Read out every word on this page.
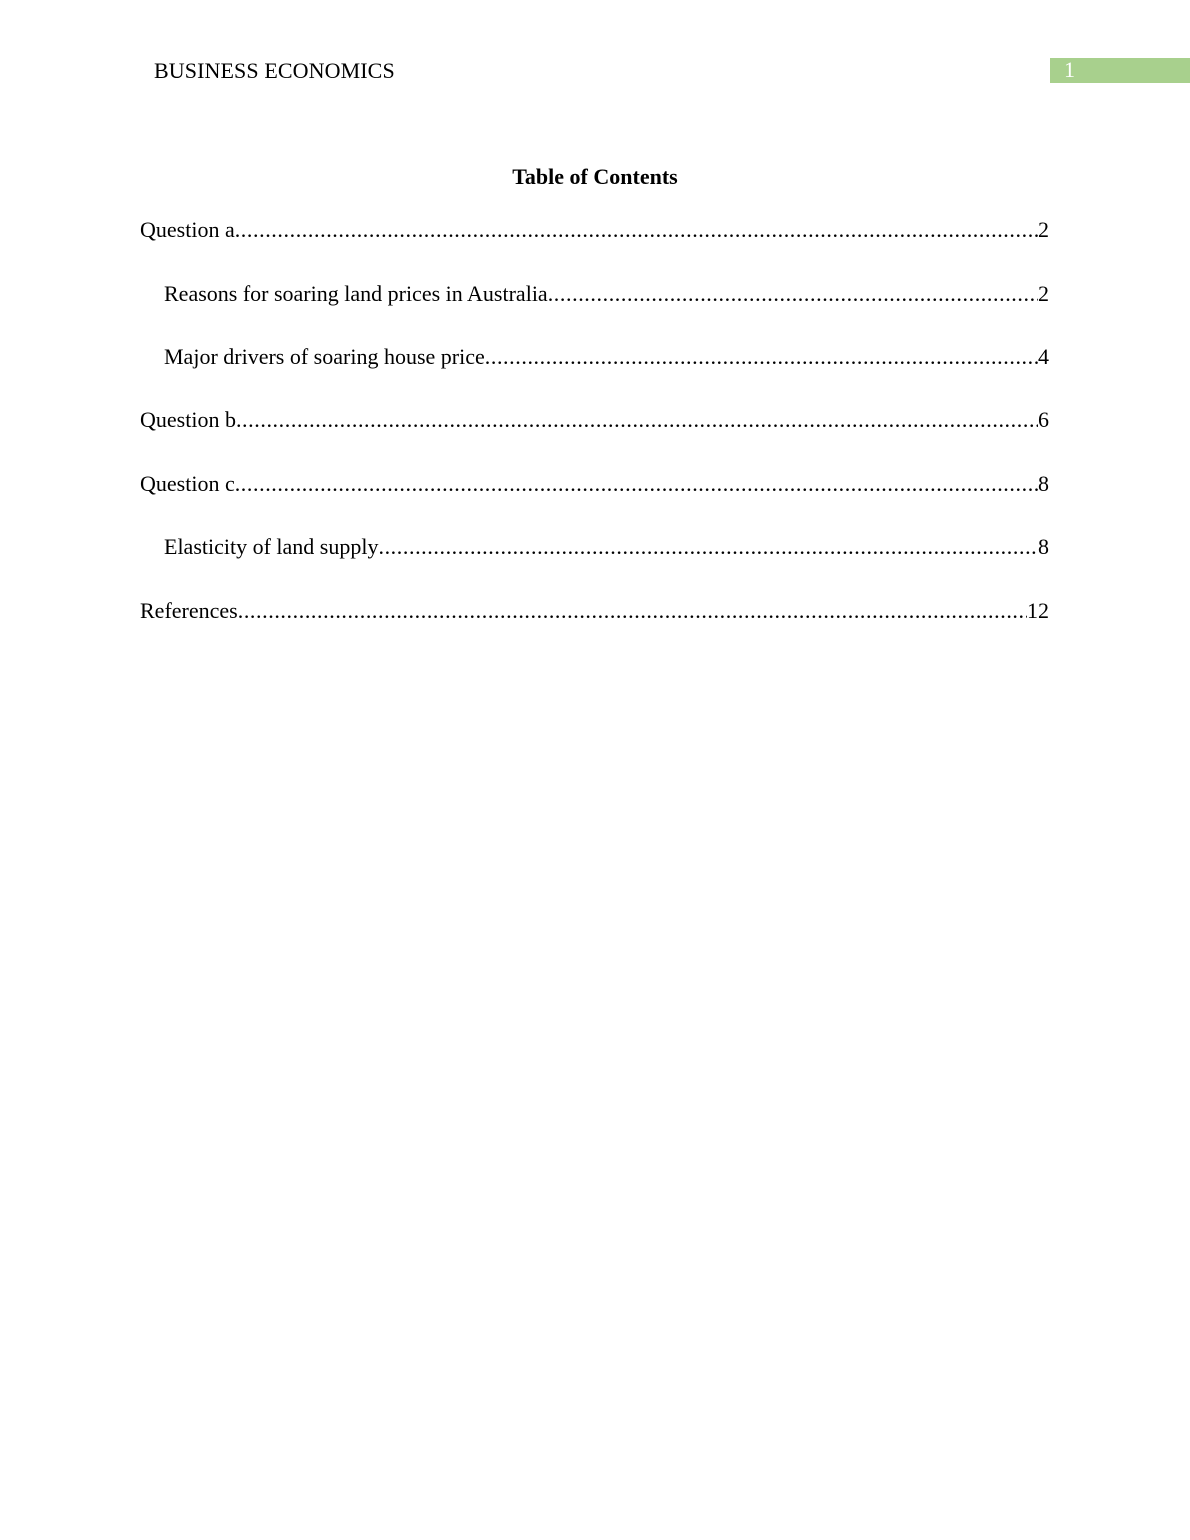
BUSINESS ECONOMICS	1
Table of Contents
Question a .....	2
Reasons for soaring land prices in Australia .....	2
Major drivers of soaring house price .....	4
Question b .....	6
Question c .....	8
Elasticity of land supply .....	8
References .....	12
